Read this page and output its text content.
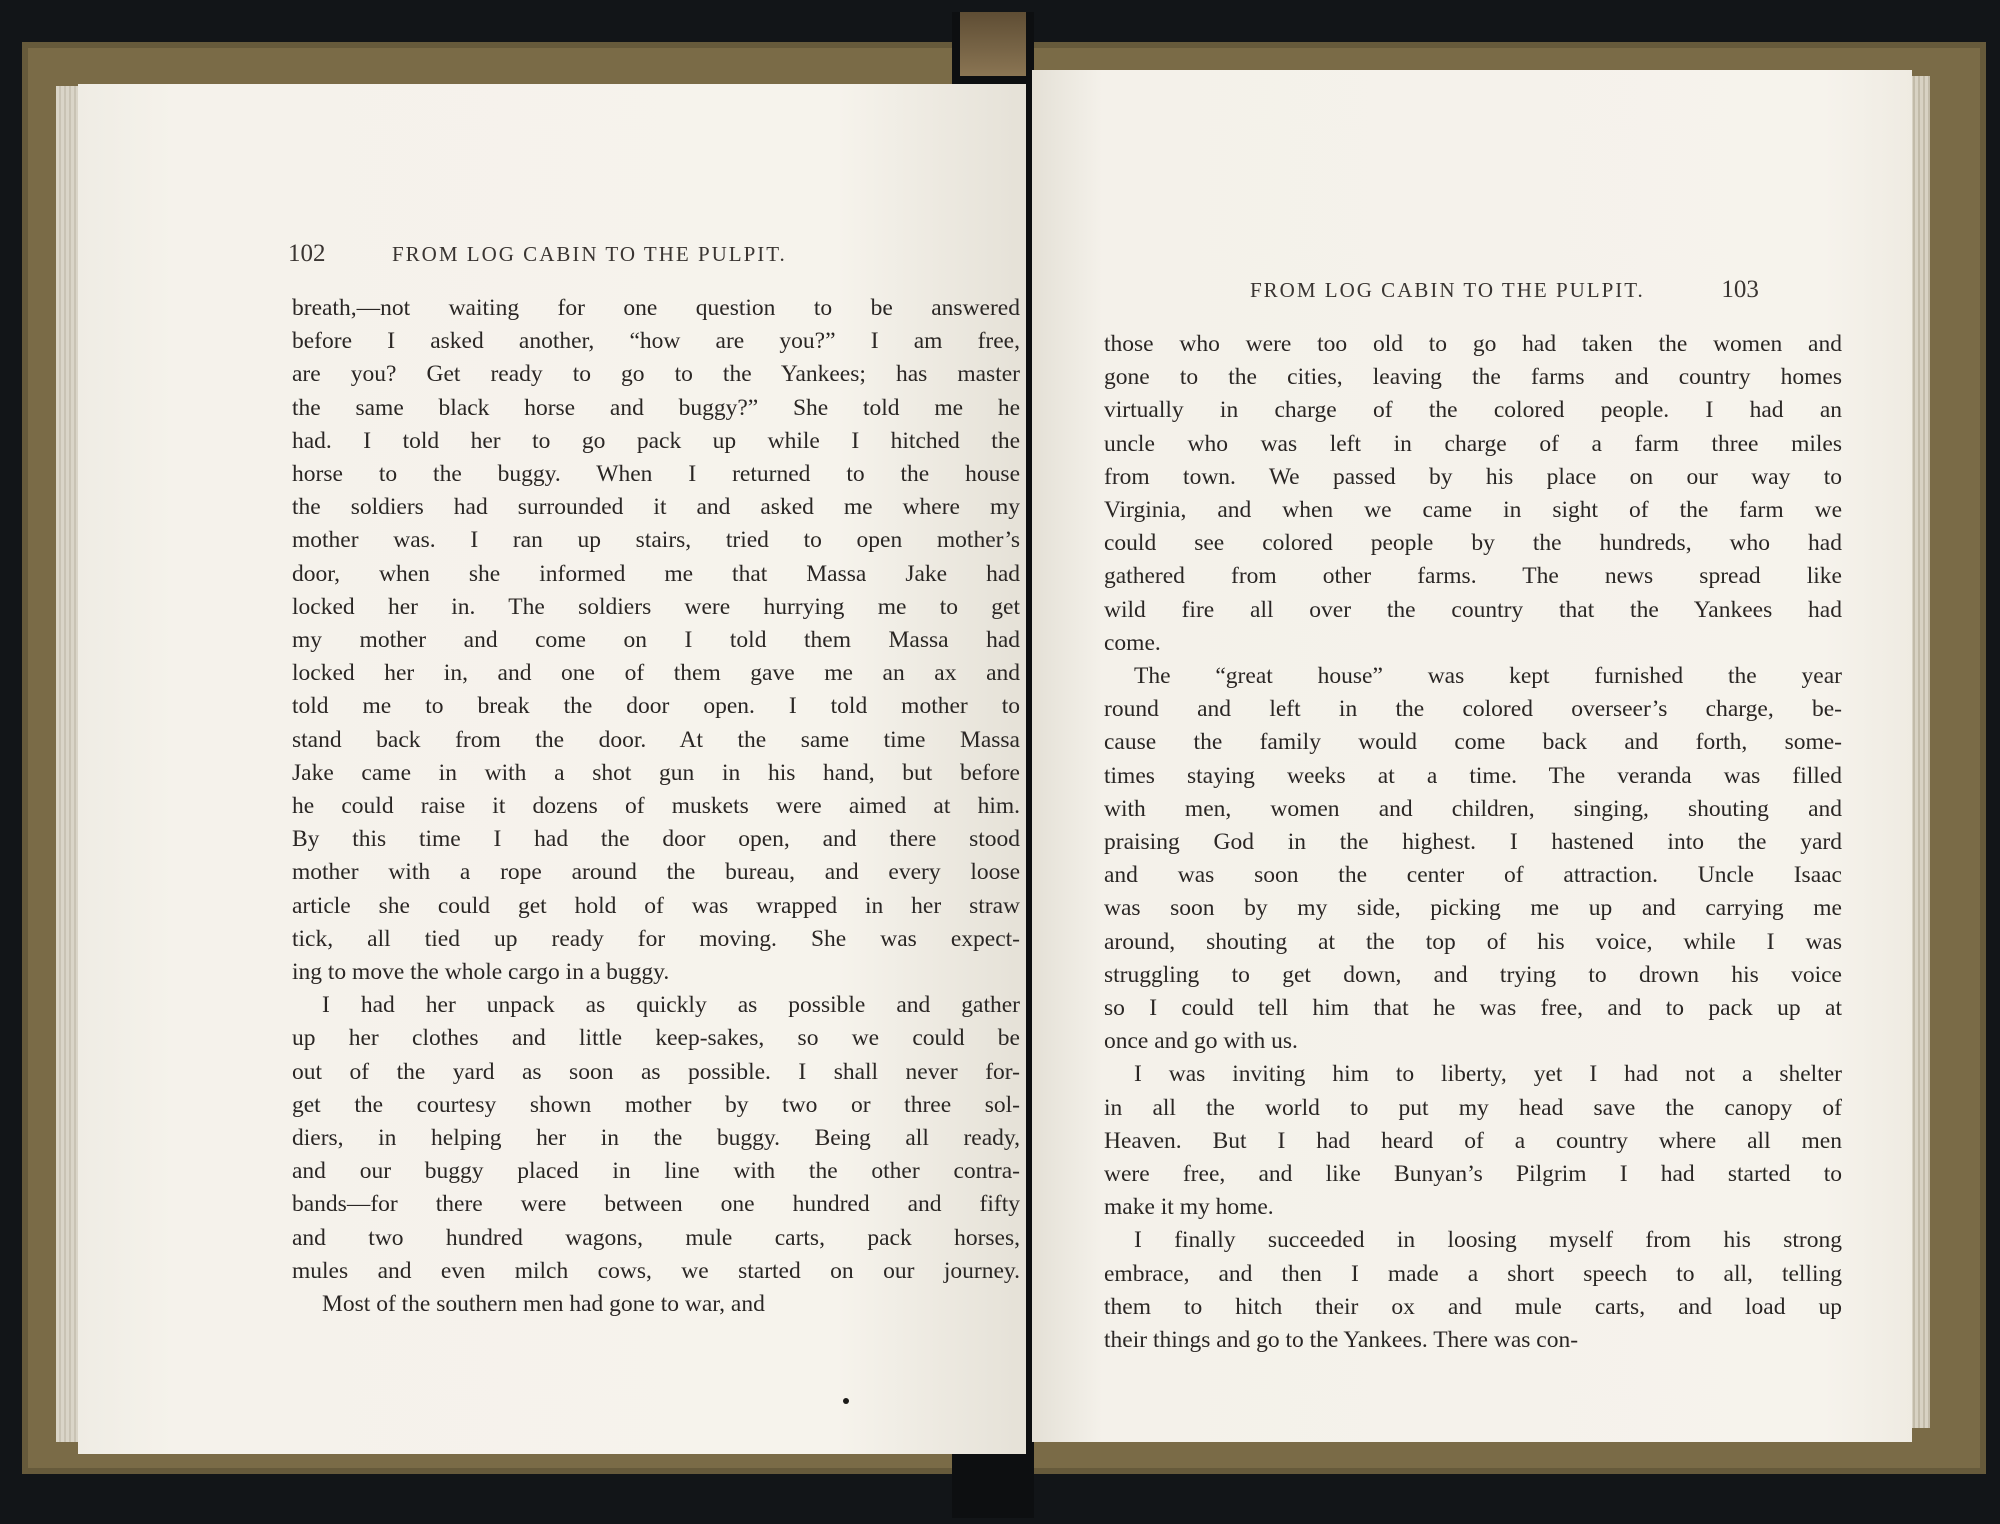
102	FROM LOG CABIN TO THE PULPIT.
breath,—not waiting for one question to be answered
before I asked another, “how are you?” I am free,
are you? Get ready to go to the Yankees; has master
the same black horse and buggy?” She told me he
had. I told her to go pack up while I hitched the
horse to the buggy. When I returned to the house
the soldiers had surrounded it and asked me where my
mother was. I ran up stairs, tried to open mother’s
door, when she informed me that Massa Jake had
locked her in. The soldiers were hurrying me to get
my mother and come on I told them Massa had
locked her in, and one of them gave me an ax and
told me to break the door open. I told mother to
stand back from the door. At the same time Massa
Jake came in with a shot gun in his hand, but before
he could raise it dozens of muskets were aimed at him.
By this time I had the door open, and there stood
mother with a rope around the bureau, and every loose
article she could get hold of was wrapped in her straw
tick, all tied up ready for moving. She was expect-
ing to move the whole cargo in a buggy.
I had her unpack as quickly as possible and gather
up her clothes and little keep-sakes, so we could be
out of the yard as soon as possible. I shall never for-
get the courtesy shown mother by two or three sol-
diers, in helping her in the buggy. Being all ready,
and our buggy placed in line with the other contra-
bands—for there were between one hundred and fifty
and two hundred wagons, mule carts, pack horses,
mules and even milch cows, we started on our journey.
Most of the southern men had gone to war, and
FROM LOG CABIN TO THE PULPIT.	103
those who were too old to go had taken the women and
gone to the cities, leaving the farms and country homes
virtually in charge of the colored people. I had an
uncle who was left in charge of a farm three miles
from town. We passed by his place on our way to
Virginia, and when we came in sight of the farm we
could see colored people by the hundreds, who had
gathered from other farms. The news spread like
wild fire all over the country that the Yankees had
come.
The “great house” was kept furnished the year
round and left in the colored overseer’s charge, be-
cause the family would come back and forth, some-
times staying weeks at a time. The veranda was filled
with men, women and children, singing, shouting and
praising God in the highest. I hastened into the yard
and was soon the center of attraction. Uncle Isaac
was soon by my side, picking me up and carrying me
around, shouting at the top of his voice, while I was
struggling to get down, and trying to drown his voice
so I could tell him that he was free, and to pack up at
once and go with us.
I was inviting him to liberty, yet I had not a shelter
in all the world to put my head save the canopy of
Heaven. But I had heard of a country where all men
were free, and like Bunyan’s Pilgrim I had started to
make it my home.
I finally succeeded in loosing myself from his strong
embrace, and then I made a short speech to all, telling
them to hitch their ox and mule carts, and load up
their things and go to the Yankees. There was con-
